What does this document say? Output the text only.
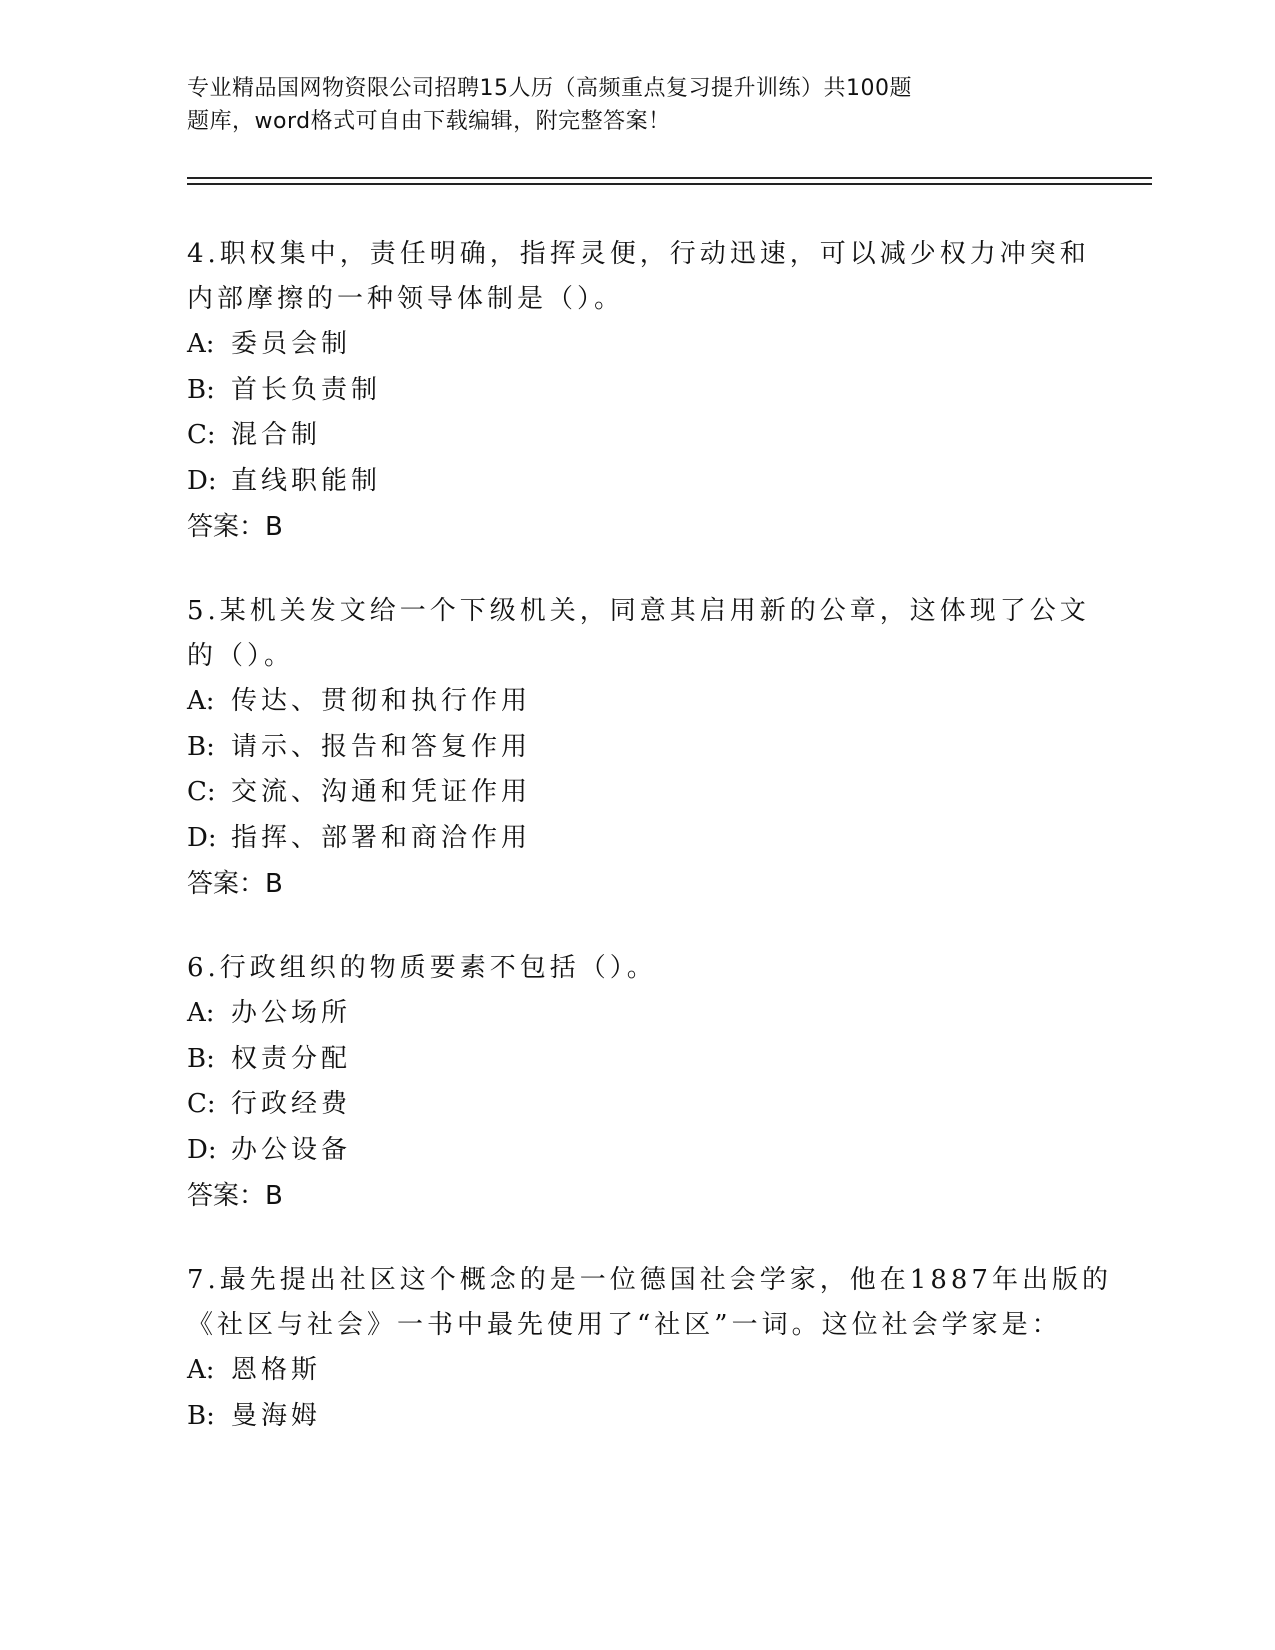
专业精品国网物资限公司招聘15人历（高频重点复习提升训练）共100题
题库，word格式可自由下载编辑，附完整答案！
4.职权集中，责任明确，指挥灵便，行动迅速，可以减少权力冲突和
内部摩擦的一种领导体制是（）。
A: 委员会制
B: 首长负责制
C: 混合制
D: 直线职能制
答案：B
5.某机关发文给一个下级机关，同意其启用新的公章，这体现了公文
的（）。
A: 传达、贯彻和执行作用
B: 请示、报告和答复作用
C: 交流、沟通和凭证作用
D: 指挥、部署和商洽作用
答案：B
6.行政组织的物质要素不包括（）。
A: 办公场所
B: 权责分配
C: 行政经费
D: 办公设备
答案：B
7.最先提出社区这个概念的是一位德国社会学家，他在1887年出版的
《社区与社会》一书中最先使用了“社区”一词。这位社会学家是：
A: 恩格斯
B: 曼海姆
